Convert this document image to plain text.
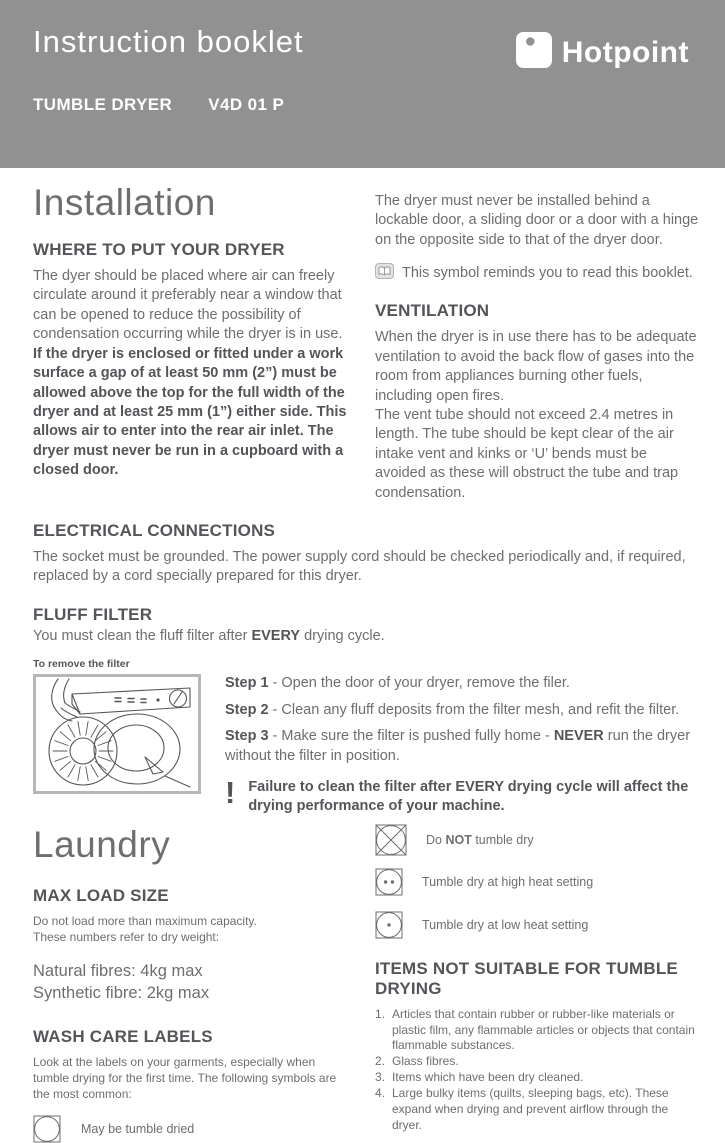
Instruction booklet
TUMBLE DRYER V4D 01 P
Hotpoint
Installation
WHERE TO PUT YOUR DRYER

The dyer should be placed where air can freely circulate around it preferably near a window that can be opened to reduce the possibility of condensation occurring while the dryer is in use.

If the dryer is enclosed or fitted under a work surface a gap of at least 50 mm (2”) must be allowed above the top for the full width of the dryer and at least 25 mm (1”) either side. This allows air to enter into the rear air inlet. The dryer must never be run in a cupboard with a closed door.

The dryer must never be installed behind a lockable door, a sliding door or a door with a hinge on the opposite side to that of the dryer door.

This symbol reminds you to read this booklet.

VENTILATION

When the dryer is in use there has to be adequate ventilation to avoid the back flow of gases into the room from appliances burning other fuels, including open fires.

The vent tube should not exceed 2.4 metres in length. The tube should be kept clear of the air intake vent and kinks or ‘U’ bends must be avoided as these will obstruct the tube and trap condensation.

ELECTRICAL CONNECTIONS

The socket must be grounded. The power supply cord should be checked periodically and, if required, replaced by a cord specially prepared for this dryer.

FLUFF FILTER

You must clean the fluff filter after EVERY drying cycle.

To remove the filter

Step 1 - Open the door of your dryer, remove the filer.

Step 2 - Clean any fluff deposits from the filter mesh, and refit the filter.

Step 3 - Make sure the filter is pushed fully home - NEVER run the dryer without the filter in position.

! Failure to clean the filter after EVERY drying cycle will affect the drying performance of your machine.
Laundry
MAX LOAD SIZE

Do not load more than maximum capacity.

These numbers refer to dry weight:

Natural fibres: 4kg max

Synthetic fibre: 2kg max

WASH CARE LABELS

Look at the labels on your garments, especially when tumble drying for the first time. The following symbols are the most common:

May be tumble dried
Do NOT tumble dry
Tumble dry at high heat setting
Tumble dry at low heat setting
ITEMS NOT SUITABLE FOR TUMBLE DRYING
Articles that contain rubber or rubber-like materials or plastic film, any flammable articles or objects that contain flammable substances.
Glass fibres.
Items which have been dry cleaned.
Large bulky items (quilts, sleeping bags, etc). These expand when drying and prevent airflow through the dryer.
